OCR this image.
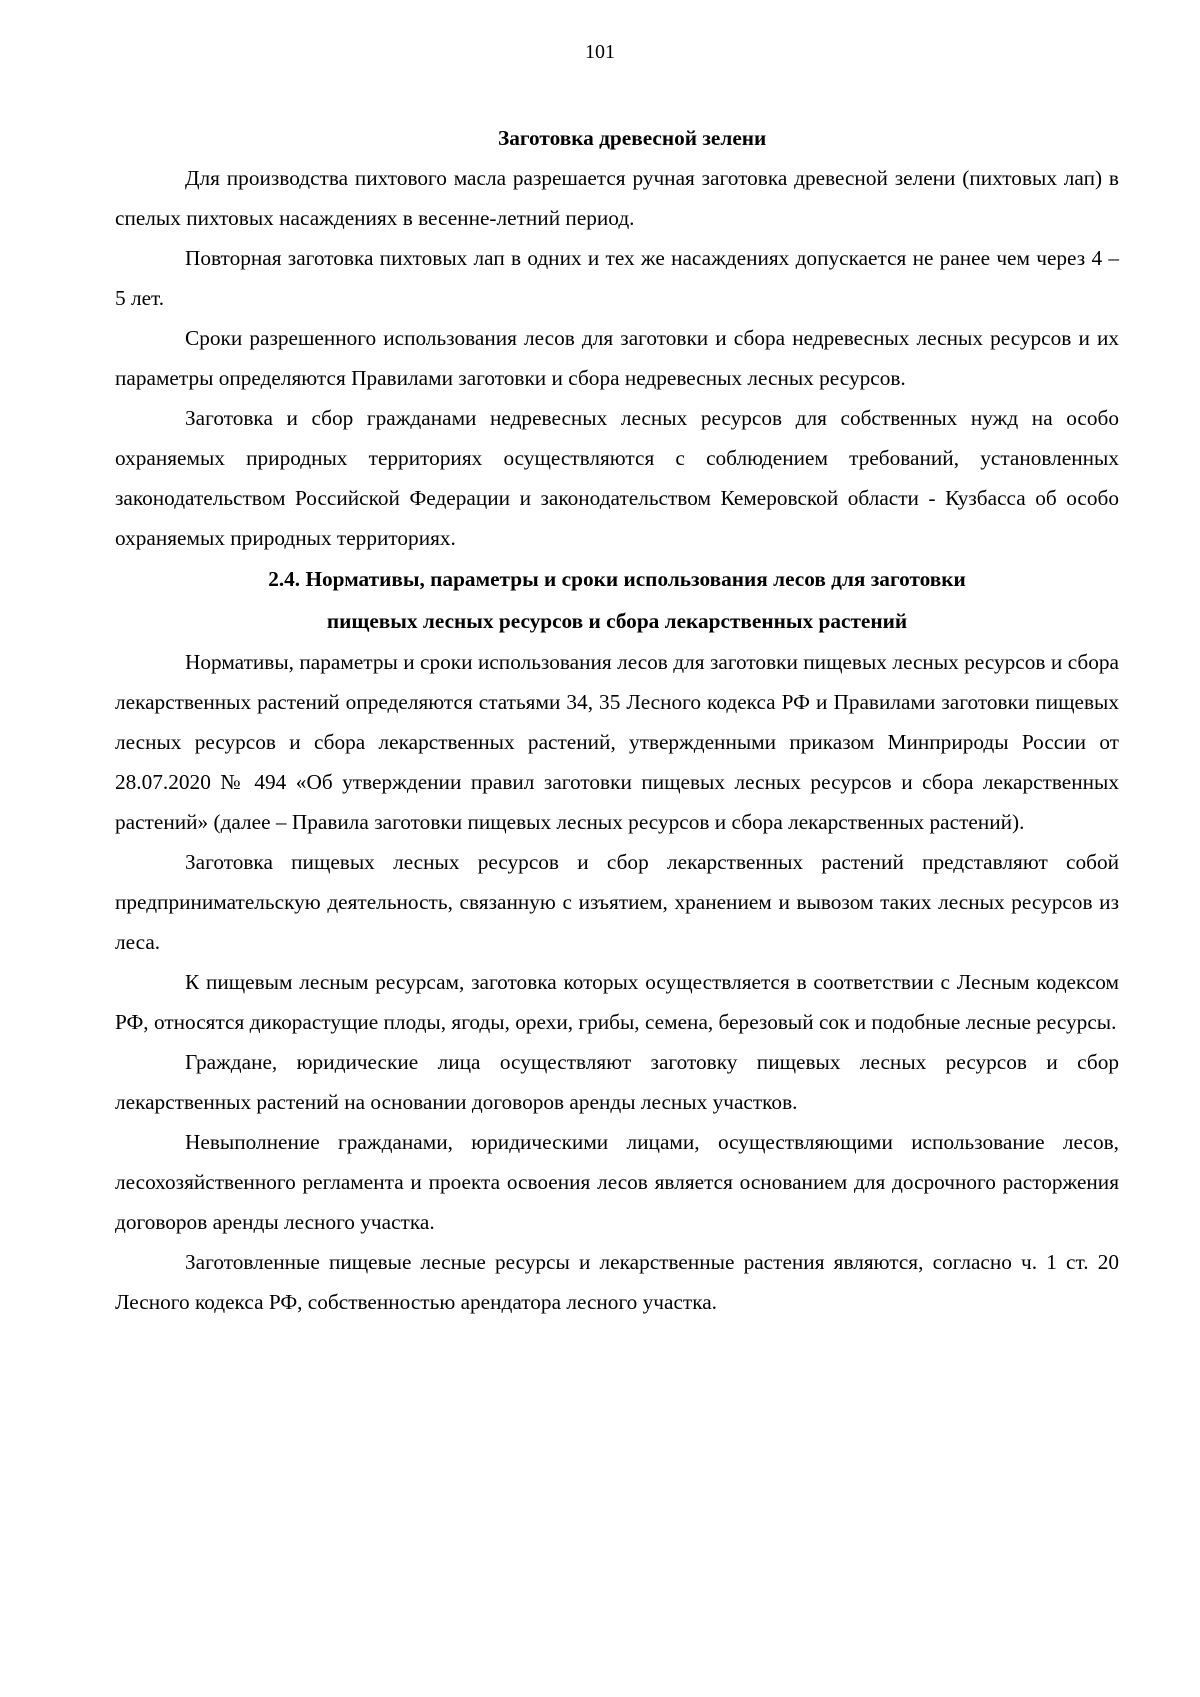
101
Заготовка древесной зелени

Для производства пихтового масла разрешается ручная заготовка древесной зелени (пихтовых лап) в спелых пихтовых насаждениях в весенне-летний период.

Повторная заготовка пихтовых лап в одних и тех же насаждениях допускается не ранее чем через 4 – 5 лет.

Сроки разрешенного использования лесов для заготовки и сбора недревесных лесных ресурсов и их параметры определяются Правилами заготовки и сбора недревесных лесных ресурсов.

Заготовка и сбор гражданами недревесных лесных ресурсов для собственных нужд на особо охраняемых природных территориях осуществляются с соблюдением требований, установленных законодательством Российской Федерации и законодательством Кемеровской области - Кузбасса об особо охраняемых природных территориях.

2.4. Нормативы, параметры и сроки использования лесов для заготовки
пищевых лесных ресурсов и сбора лекарственных растений

Нормативы, параметры и сроки использования лесов для заготовки пищевых лесных ресурсов и сбора лекарственных растений определяются статьями 34, 35 Лесного кодекса РФ и Правилами заготовки пищевых лесных ресурсов и сбора лекарственных растений, утвержденными приказом Минприроды России от 28.07.2020 № 494 «Об утверждении правил заготовки пищевых лесных ресурсов и сбора лекарственных растений» (далее – Правила заготовки пищевых лесных ресурсов и сбора лекарственных растений).

Заготовка пищевых лесных ресурсов и сбор лекарственных растений представляют собой предпринимательскую деятельность, связанную с изъятием, хранением и вывозом таких лесных ресурсов из леса.

К пищевым лесным ресурсам, заготовка которых осуществляется в соответствии с Лесным кодексом РФ, относятся дикорастущие плоды, ягоды, орехи, грибы, семена, березовый сок и подобные лесные ресурсы.

Граждане, юридические лица осуществляют заготовку пищевых лесных ресурсов и сбор лекарственных растений на основании договоров аренды лесных участков.

Невыполнение гражданами, юридическими лицами, осуществляющими использование лесов, лесохозяйственного регламента и проекта освоения лесов является основанием для досрочного расторжения договоров аренды лесного участка.

Заготовленные пищевые лесные ресурсы и лекарственные растения являются, согласно ч. 1 ст. 20 Лесного кодекса РФ, собственностью арендатора лесного участка.
